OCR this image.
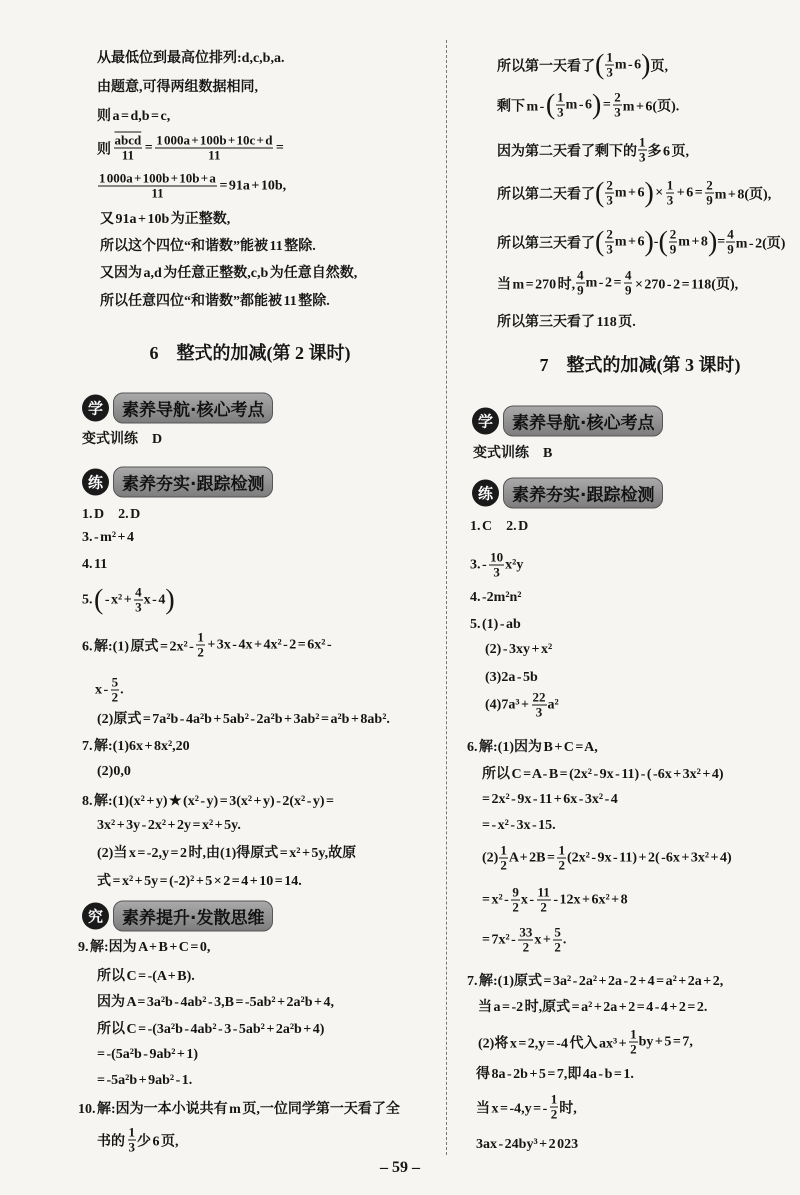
从最低位到最高位排列:d,c,b,a.
由题意,可得两组数据相同,
则 a = d,b = c,
则 $\frac{\text{abcd}}{11} = \frac{1 000a + 100b + 10c + d}{11}$ =
$\frac{1 000a + 100b + 10b + a}{11} = 91a + 10b$,
又 91a + 10b 为正整数,
所以这个四位“和谐数”能被 11 整除.
又因为 a,d 为任意正整数,c,b 为任意自然数,
所以任意四位“和谐数”都能被 11 整除.
6　整式的加减(第 2 课时)
学	素养导航·核心考点
变式训练　D
练	素养夯实·跟踪检测
1. D　2. D
3. - m² + 4
4. 11
5. ( - $x^2 + \frac{4}{3}$ x - 4 )
6. 解:(1) 原式 = $2x^2 - \frac{1}{2} + 3x - 4x + 4x^2 - 2 = 6x^2$ -
x - $\frac{5}{2}$ .
(2)原式 = 7a²b - 4a²b + 5ab² - 2a²b + 3ab² = a²b + 8ab².
7. 解:(1)6x + 8x²,20
(2)0,0
8. 解:(1)(x² + y) ★ (x² - y) = 3(x² + y) - 2(x² - y) =
3x² + 3y - 2x² + 2y = x² + 5y.
(2)当 x = -2,y = 2 时,由(1)得原式 = x² + 5y,故原
式 = x² + 5y = (-2)² + 5 × 2 = 4 + 10 = 14.
究	素养提升·发散思维
9. 解:因为 A + B + C = 0,
所以 C = -(A + B).
因为 A = 3a²b - 4ab² - 3,B = -5ab² + 2a²b + 4,
所以 C = -(3a²b - 4ab² - 3 - 5ab² + 2a²b + 4)
= -(5a²b - 9ab² + 1)
= -5a²b + 9ab² - 1.
10. 解:因为一本小说共有 m 页,一位同学第一天看了全
书的 $\frac{1}{3}$ 少 6 页,
所以第一天看了 ( $\frac{1}{3}$ m - 6 ) 页,
剩下 m - ( $\frac{1}{3}$ m - 6 ) = $\frac{2}{3}$ m + 6(页).
因为第二天看了剩下的 $\frac{1}{3}$ 多 6 页,
所以第二天看了 ( $\frac{2}{3}$ m + 6 ) × $\frac{1}{3} + 6 = \frac{2}{9}$ m + 8(页),
所以第三天看了 ( $\frac{2}{3}$ m + 6 ) - ( $\frac{2}{9}$ m + 8 ) = $\frac{4}{9}$ m - 2(页)
当 m = 270 时, $\frac{4}{9}$ $m - 2 = \frac{4}{9} \times 270 - 2 = 118$(页),
所以第三天看了 118 页.
7　整式的加减(第 3 课时)
学	素养导航·核心考点
变式训练　B
练	素养夯实·跟踪检测
1. C　2. D
3. - $\frac{10}{3} x^2y$
4. -2m²n²
5. (1) - ab
(2) - 3xy + x²
(3)2a - 5b
$(4)7a^3 + \frac{22}{3} a^2$
6. 解:(1)因为 B + C = A,
所以 C = A - B = (2x² - 9x - 11) - ( -6x + 3x² + 4)
= 2x² - 9x - 11 + 6x - 3x² - 4
= - x² - 3x - 15.
$(2) \frac{1}{2}$ $A + 2B = \frac{1}{2} (2x^2 - 9x - 11) + 2$( -6x + 3x² + 4)
= $x^2 - \frac{9}{2}$ $x - \frac{11}{2} - 12x + 6x^2 + 8$
= $7x^2 - \frac{33}{2}$ $x + \frac{5}{2}$ .
7. 解:(1)原式 = 3a² - 2a² + 2a - 2 + 4 = a² + 2a + 2,
当 a = -2 时,原式 = a² + 2a + 2 = 4 - 4 + 2 = 2.
(2)将 x = 2,y = -4 代入 $ax^3 + \frac{1}{2}$ by + 5 = 7,
得 8a - 2b + 5 = 7,即 4a - b = 1.
当 x = -4,y = - $\frac{1}{2}$ 时,
3ax - 24by³ + 2 023
– 59 –
